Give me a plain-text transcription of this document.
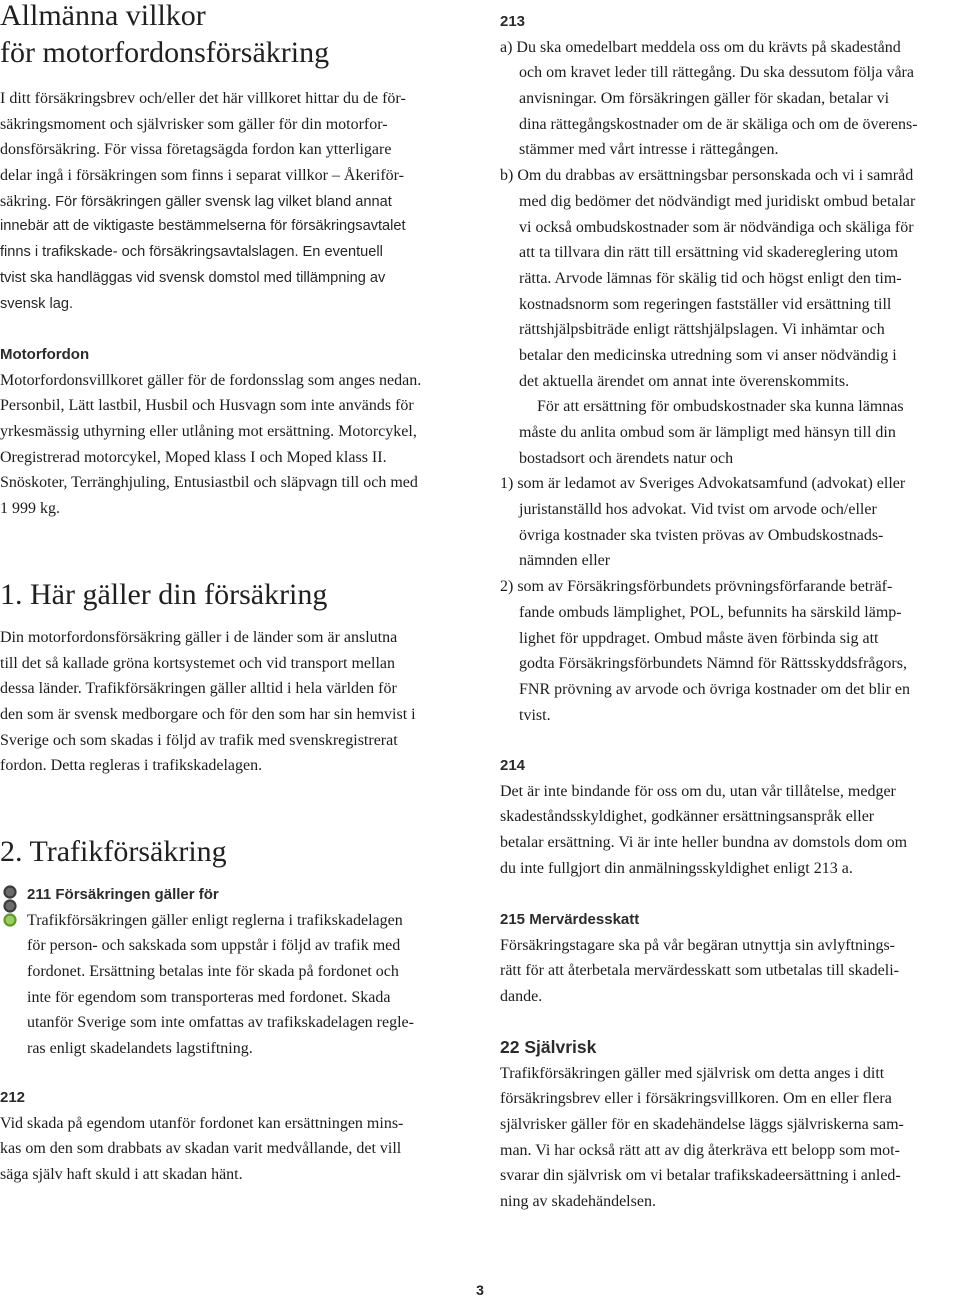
Allmänna villkor
för motorfordonsförsäkring
I ditt försäkringsbrev och/eller det här villkoret hittar du de för-
säkringsmoment och självrisker som gäller för din motorfor-
donsförsäkring. För vissa företagsägda fordon kan ytterligare
delar ingå i försäkringen som finns i separat villkor – Åkeriför-
säkring. För försäkringen gäller svensk lag vilket bland annat
innebär att de viktigaste bestämmelserna för försäkringsavtalet
finns i trafikskade- och försäkringsavtalslagen. En eventuell
tvist ska handläggas vid svensk domstol med tillämpning av
svensk lag.
Motorfordon
Motorfordonsvillkoret gäller för de fordonsslag som anges nedan.
Personbil, Lätt lastbil, Husbil och Husvagn som inte används för
yrkesmässig uthyrning eller utlåning mot ersättning. Motorcykel,
Oregistrerad motorcykel, Moped klass I och Moped klass II.
Snöskoter, Terränghjuling, Entusiastbil och släpvagn till och med
1 999 kg.
1. Här gäller din försäkring
Din motorfordonsförsäkring gäller i de länder som är anslutna
till det så kallade gröna kortsystemet och vid transport mellan
dessa länder. Trafikförsäkringen gäller alltid i hela världen för
den som är svensk medborgare och för den som har sin hemvist i
Sverige och som skadas i följd av trafik med svenskregistrerat
fordon. Detta regleras i trafikskadelagen.
2. Trafikförsäkring
211 Försäkringen gäller för
Trafikförsäkringen gäller enligt reglerna i trafikskadelagen
för person- och sakskada som uppstår i följd av trafik med
fordonet. Ersättning betalas inte för skada på fordonet och
inte för egendom som transporteras med fordonet. Skada
utanför Sverige som inte omfattas av trafikskadelagen regle-
ras enligt skadelandets lagstiftning.
212
Vid skada på egendom utanför fordonet kan ersättningen mins-
kas om den som drabbats av skadan varit medvållande, det vill
säga själv haft skuld i att skadan hänt.
213
a) Du ska omedelbart meddela oss om du krävts på skadestånd
och om kravet leder till rättegång. Du ska dessutom följa våra
anvisningar. Om försäkringen gäller för skadan, betalar vi
dina rättegångskostnader om de är skäliga och om de överens-
stämmer med vårt intresse i rättegången.
b) Om du drabbas av ersättningsbar personskada och vi i samråd
med dig bedömer det nödvändigt med juridiskt ombud betalar
vi också ombudskostnader som är nödvändiga och skäliga för
att ta tillvara din rätt till ersättning vid skadereglering utom
rätta. Arvode lämnas för skälig tid och högst enligt den tim-
kostnadsnorm som regeringen fastställer vid ersättning till
rättshjälpsbiträde enligt rättshjälpslagen. Vi inhämtar och
betalar den medicinska utredning som vi anser nödvändig i
det aktuella ärendet om annat inte överenskommits.
För att ersättning för ombudskostnader ska kunna lämnas
måste du anlita ombud som är lämpligt med hänsyn till din
bostadsort och ärendets natur och
1) som är ledamot av Sveriges Advokatsamfund (advokat) eller
juristanställd hos advokat. Vid tvist om arvode och/eller
övriga kostnader ska tvisten prövas av Ombudskostnads-
nämnden eller
2) som av Försäkringsförbundets prövningsförfarande beträf-
fande ombuds lämplighet, POL, befunnits ha särskild lämp-
lighet för uppdraget. Ombud måste även förbinda sig att
godta Försäkringsförbundets Nämnd för Rättsskyddsfrågors,
FNR prövning av arvode och övriga kostnader om det blir en
tvist.
214
Det är inte bindande för oss om du, utan vår tillåtelse, medger
skadeståndsskyldighet, godkänner ersättningsanspråk eller
betalar ersättning. Vi är inte heller bundna av domstols dom om
du inte fullgjort din anmälningsskyldighet enligt 213 a.
215 Mervärdesskatt
Försäkringstagare ska på vår begäran utnyttja sin avlyftnings-
rätt för att återbetala mervärdesskatt som utbetalas till skadeli-
dande.
22 Självrisk
Trafikförsäkringen gäller med självrisk om detta anges i ditt
försäkringsbrev eller i försäkringsvillkoren. Om en eller flera
självrisker gäller för en skadehändelse läggs självriskerna sam-
man. Vi har också rätt att av dig återkräva ett belopp som mot-
svarar din självrisk om vi betalar trafikskadeersättning i anled-
ning av skadehändelsen.
3
